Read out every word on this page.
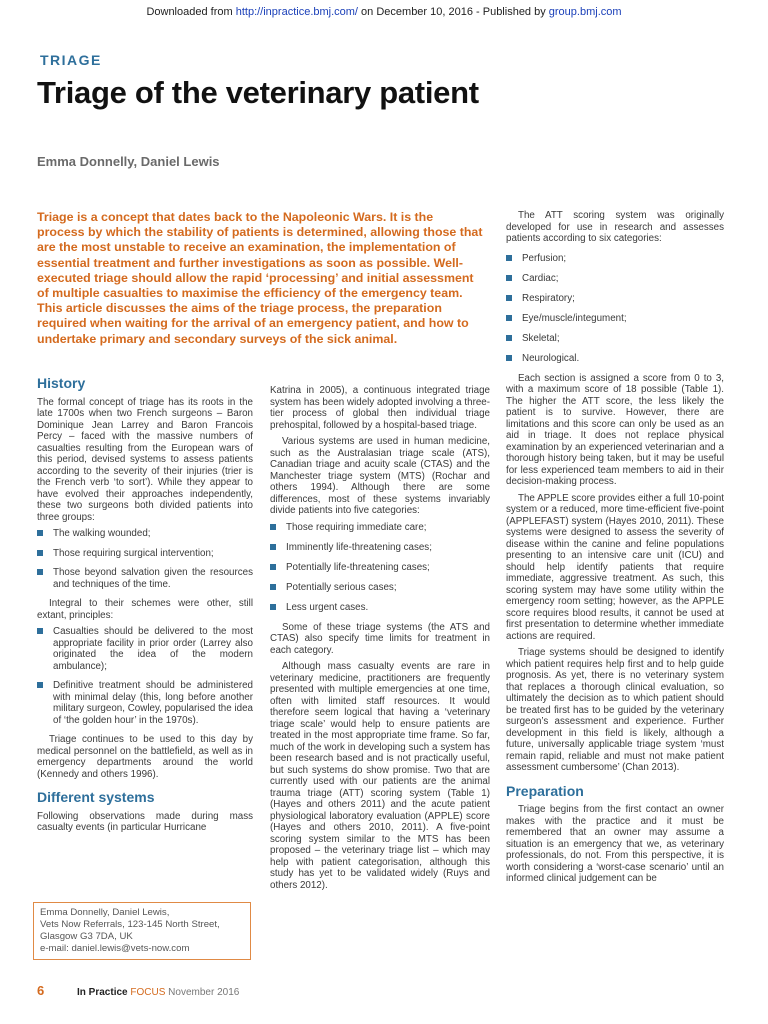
Downloaded from http://inpractice.bmj.com/ on December 10, 2016 - Published by group.bmj.com
TRIAGE
Triage of the veterinary patient
Emma Donnelly, Daniel Lewis

Triage is a concept that dates back to the Napoleonic Wars. It is the process by which the stability of patients is determined, allowing those that are the most unstable to receive an examination, the implementation of essential treatment and further investigations as soon as possible. Well-executed triage should allow the rapid ‘processing’ and initial assessment of multiple casualties to maximise the efficiency of the emergency team. This article discusses the aims of the triage process, the preparation required when waiting for the arrival of an emergency patient, and how to undertake primary and secondary surveys of the sick animal.

History

The formal concept of triage has its roots in the late 1700s when two French surgeons – Baron Dominique Jean Larrey and Baron Francois Percy – faced with the massive numbers of casualties resulting from the European wars of this period, devised systems to assess patients according to the severity of their injuries (trier is the French verb ‘to sort’). While they appear to have evolved their approaches independently, these two surgeons both divided patients into three groups:

The walking wounded;
Those requiring surgical intervention;
Those beyond salvation given the resources and techniques of the time.

Integral to their schemes were other, still extant, principles:

Casualties should be delivered to the most appropriate facility in prior order (Larrey also originated the idea of the modern ambulance);
Definitive treatment should be administered with minimal delay (this, long before another military surgeon, Cowley, popularised the idea of ‘the golden hour’ in the 1970s).

Triage continues to be used to this day by medical personnel on the battlefield, as well as in emergency departments around the world (Kennedy and others 1996).

Different systems

Following observations made during mass casualty events (in particular Hurricane

Katrina in 2005), a continuous integrated triage system has been widely adopted involving a three-tier process of global then individual triage prehospital, followed by a hospital-based triage.

Various systems are used in human medicine, such as the Australasian triage scale (ATS), Canadian triage and acuity scale (CTAS) and the Manchester triage system (MTS) (Rochar and others 1994). Although there are some differences, most of these systems invariably divide patients into five categories:

Those requiring immediate care;
Imminently life-threatening cases;
Potentially life-threatening cases;
Potentially serious cases;
Less urgent cases.

Some of these triage systems (the ATS and CTAS) also specify time limits for treatment in each category.

Although mass casualty events are rare in veterinary medicine, practitioners are frequently presented with multiple emergencies at one time, often with limited staff resources. It would therefore seem logical that having a ‘veterinary triage scale’ would help to ensure patients are treated in the most appropriate time frame. So far, much of the work in developing such a system has been research based and is not practically useful, but such systems do show promise. Two that are currently used with our patients are the animal trauma triage (ATT) scoring system (Table 1) (Hayes and others 2011) and the acute patient physiological laboratory evaluation (APPLE) score (Hayes and others 2010, 2011). A five-point scoring system similar to the MTS has been proposed – the veterinary triage list – which may help with patient categorisation, although this study has yet to be validated widely (Ruys and others 2012).

The ATT scoring system was originally developed for use in research and assesses patients according to six categories:

Perfusion;
Cardiac;
Respiratory;
Eye/muscle/integument;
Skeletal;
Neurological.

Each section is assigned a score from 0 to 3, with a maximum score of 18 possible (Table 1). The higher the ATT score, the less likely the patient is to survive. However, there are limitations and this score can only be used as an aid in triage. It does not replace physical examination by an experienced veterinarian and a thorough history being taken, but it may be useful for less experienced team members to aid in their decision-making process.

The APPLE score provides either a full 10-point system or a reduced, more time-efficient five-point (APPLEFAST) system (Hayes 2010, 2011). These systems were designed to assess the severity of disease within the canine and feline populations presenting to an intensive care unit (ICU) and should help identify patients that require immediate, aggressive treatment. As such, this scoring system may have some utility within the emergency room setting; however, as the APPLE score requires blood results, it cannot be used at first presentation to determine whether immediate actions are required.

Triage systems should be designed to identify which patient requires help first and to help guide prognosis. As yet, there is no veterinary system that replaces a thorough clinical evaluation, so ultimately the decision as to which patient should be treated first has to be guided by the veterinary surgeon’s assessment and experience. Further development in this field is likely, although a future, universally applicable triage system ‘must remain rapid, reliable and must not make patient assessment cumbersome’ (Chan 2013).

Preparation

Triage begins from the first contact an owner makes with the practice and it must be remembered that an owner may assume a situation is an emergency that we, as veterinary professionals, do not. From this perspective, it is worth considering a ‘worst-case scenario’ until an informed clinical judgement can be

Emma Donnelly, Daniel Lewis,
Vets Now Referrals, 123-145 North Street,
Glasgow G3 7DA, UK
e-mail: daniel.lewis@vets-now.com
6	In Practice FOCUS November 2016
